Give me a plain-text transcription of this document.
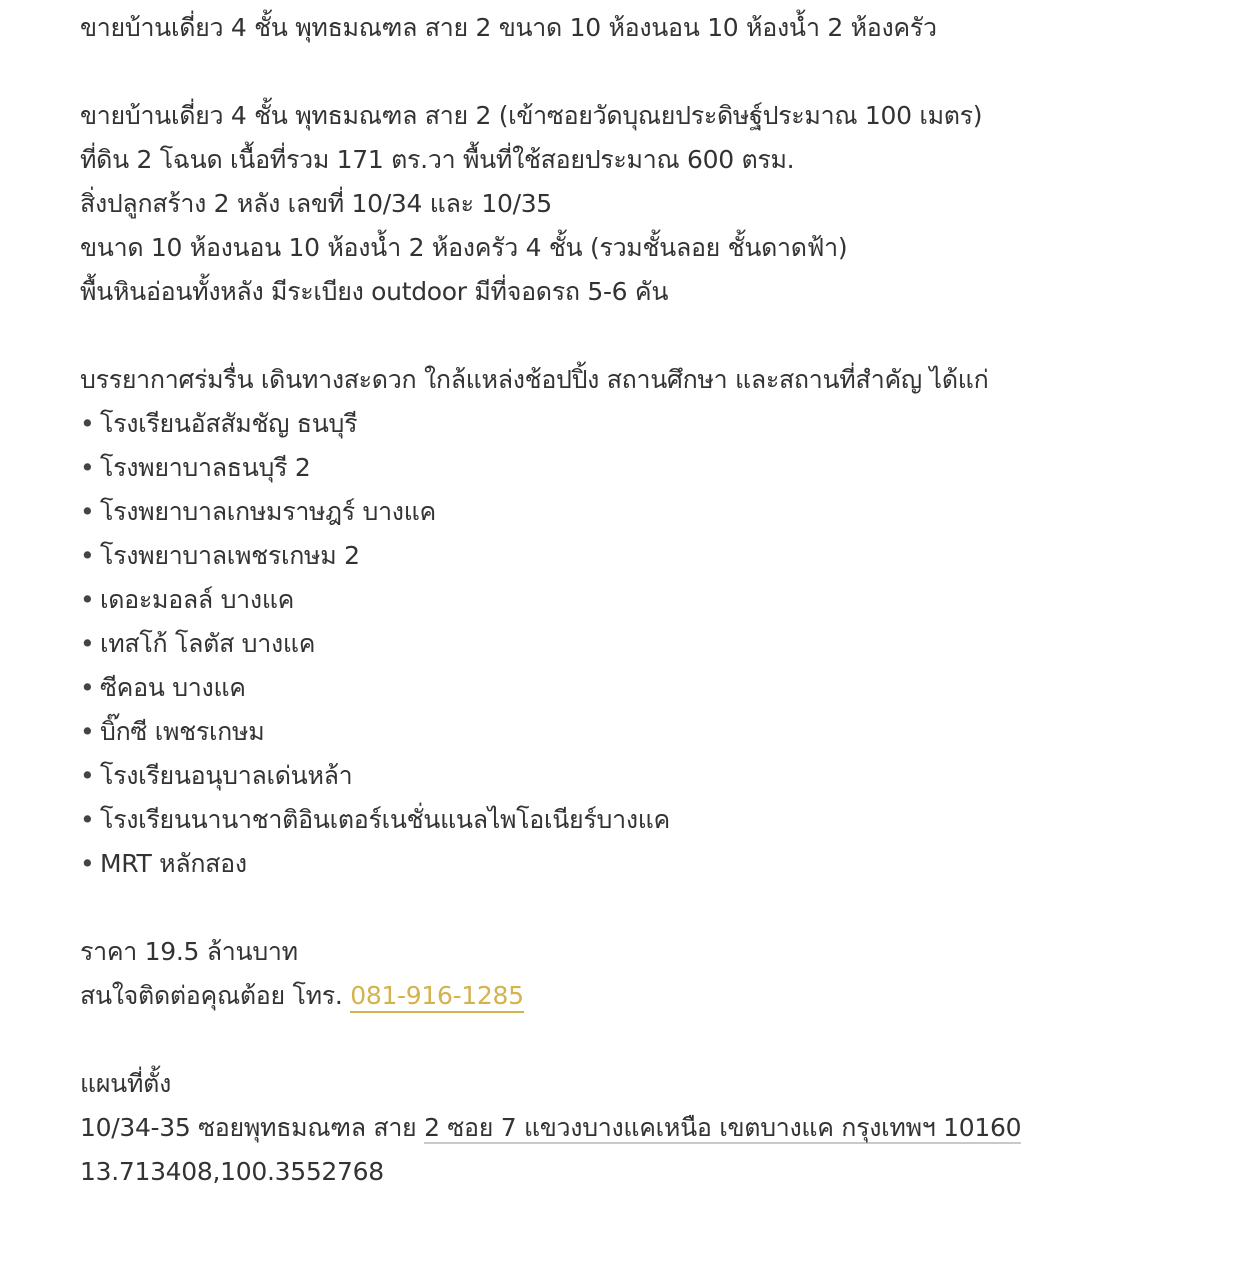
ขายบ้านเดี่ยว 4 ชั้น พุทธมณฑล สาย 2 ขนาด 10 ห้องนอน 10 ห้องน้ำ 2 ห้องครัว
ขายบ้านเดี่ยว 4 ชั้น พุทธมณฑล สาย 2 (เข้าซอยวัดบุณยประดิษฐ์ประมาณ 100 เมตร)
ที่ดิน 2 โฉนด เนื้อที่รวม 171 ตร.วา พื้นที่ใช้สอยประมาณ 600 ตรม.
สิ่งปลูกสร้าง 2 หลัง เลขที่ 10/34 และ 10/35
ขนาด 10 ห้องนอน 10 ห้องน้ำ 2 ห้องครัว 4 ชั้น (รวมชั้นลอย ชั้นดาดฟ้า)
พื้นหินอ่อนทั้งหลัง มีระเบียง outdoor มีที่จอดรถ 5-6 คัน
บรรยากาศร่มรื่น เดินทางสะดวก ใกล้แหล่งช้อปปิ้ง สถานศึกษา และสถานที่สำคัญ ได้แก่
• โรงเรียนอัสสัมชัญ ธนบุรี
• โรงพยาบาลธนบุรี 2
• โรงพยาบาลเกษมราษฎร์ บางแค
• โรงพยาบาลเพชรเกษม 2
• เดอะมอลล์ บางแค
• เทสโก้ โลตัส บางแค
• ซีคอน บางแค
• บิ๊กซี เพชรเกษม
• โรงเรียนอนุบาลเด่นหล้า
• โรงเรียนนานาชาติอินเตอร์เนชั่นแนลไพโอเนียร์บางแค
• MRT หลักสอง
ราคา 19.5 ล้านบาท
สนใจติดต่อคุณต้อย โทร. 081-916-1285
แผนที่ตั้ง
10/34-35 ซอยพุทธมณฑล สาย 2 ซอย 7 แขวงบางแคเหนือ เขตบางแค กรุงเทพฯ 10160
13.713408,100.3552768
